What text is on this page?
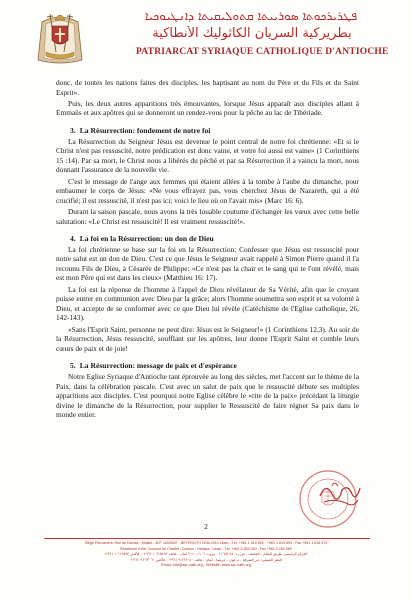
ܦܛܪܝܪܟܘܬܐ ܣܘܪܝܝܬܐ ܩܬܘܠܝܩܝܬܐ ܕܐܢܛܝܘܟܝܐ
بطريركية السريان الكاثوليك الأنطاكية
PATRIARCAT SYRIAQUE CATHOLIQUE D'ANTIOCHE

donc, de toutes les nations faites des disciples, les baptisant au nom du Père et du Fils et du Saint Esprit».

Puis, les deux autres apparitions très émouvantes, lorsque Jésus apparaît aux disciples allant à Emmaüs et aux apôtres qui se donneront un rendez-vous pour la pêche au lac de Tibériade.

3. La Résurrection: fondement de notre foi

La Résurrection du Seigneur Jésus est devenue le point central de notre foi chrétienne: «Et si le Christ n'est pas ressuscité, notre prédication est donc vaine, et votre foi aussi est vaine» (1 Corinthiens 15 :14). Par sa mort, le Christ nous a libérés du péché et par sa Résurrection il a vaincu la mort, nous donnant l'assurance de la nouvelle vie.

C'est le message de l'ange aux femmes qui étaient allées à la tombe à l'aube du dimanche, pour embaumer le corps de Jésus: «Ne vous effrayez pas, vous cherchez Jésus de Nazareth, qui a été crucifié; il est ressuscité, il n'est pas ici; voici le lieu où on l'avait mis» (Marc 16: 6).

Durant la saison pascale, nous avons la très louable coutume d'échanger les vœux avec cette belle salutation: «Le Christ est ressuscité! Il est vraiment ressuscité!».

4. La foi en la Résurrection: un don de Dieu

La foi chrétienne se base sur la foi en la Résurrection: Confesser que Jésus est ressuscité pour notre salut est un don de Dieu. C'est ce que Jésus le Seigneur avait rappelé à Simon Pierre quand il l'a reconnu Fils de Dieu, à Césarée de Philippe: «Ce n'est pas la chair et le sang qui te l'ont révélé, mais est mon Père qui est dans les cieux» (Matthieu 16: 17).

La foi est la réponse de l'homme à l'appel de Dieu révélateur de Sa Vérité, afin que le croyant puisse entrer en communion avec Dieu par la grâce; alors l'homme soumettra son esprit et sa volonté à Dieu, et accepte de se conformer avec ce que Dieu lui révèle (Catéchisme de l'Eglise catholique, 26, 142-143).

«Sans l'Esprit Saint, personne ne peut dire: Jésus est le Seigneur!» (1 Corinthiens 12,3). Au soir de la Résurrection, Jésus ressuscité, soufflant sur les apôtres, leur donne l'Esprit Saint et comble leurs cœurs de paix et de joie!

5. La Résurrection: message de paix et d'espérance

Notre Eglise Syriaque d'Antioche tant éprouvée au long des siècles, met l'accent sur le thème de la Paix, dans la célébration pascale. C'est avec un salut de paix que le ressuscité débute ses multiples apparitions aux disciples. C'est pourquoi notre Eglise célèbre le «rite de la paix» précédant la liturgie divine le dimanche de la Résurrection, pour supplier le Ressuscité de faire régner Sa paix dans le monde entier.

2
Siège Permanent: Rue de Damas - Musée - B.P. 116/5087 - BEYROUTH 1106-2010 Liban - Tél. +961 1 615 892 - +961 1 615 894 - Fax +961 1 616 573
Résidence d'été: Couvent de Charfet - Darôun - Harissa - Liban - Tél. +961 9 263 040 - Fax +961 9 263 060
المركز الرئيسي: طريق الشام - المتحف - ص.ب. ١١٦/٥٠٨٧ - بيروت ١١٠٦-٢٠١٠ لبنان - هاتف ٦١٥٨٩٢ ١ ٩٦١+ - فاكس ٦١٦٥٧٣ ١ ٩٦١+
المقر الصيفي: دير الشرفة - درعون - حريصا - لبنان - هاتف ٢٦٣٠٤٠ ٩ ٩٦١+ - فاكس ٢٦٣٠٦٠ ٩ ٩٦١+
Email: info@syr-cath.org - Website: www.syr-cath.org
